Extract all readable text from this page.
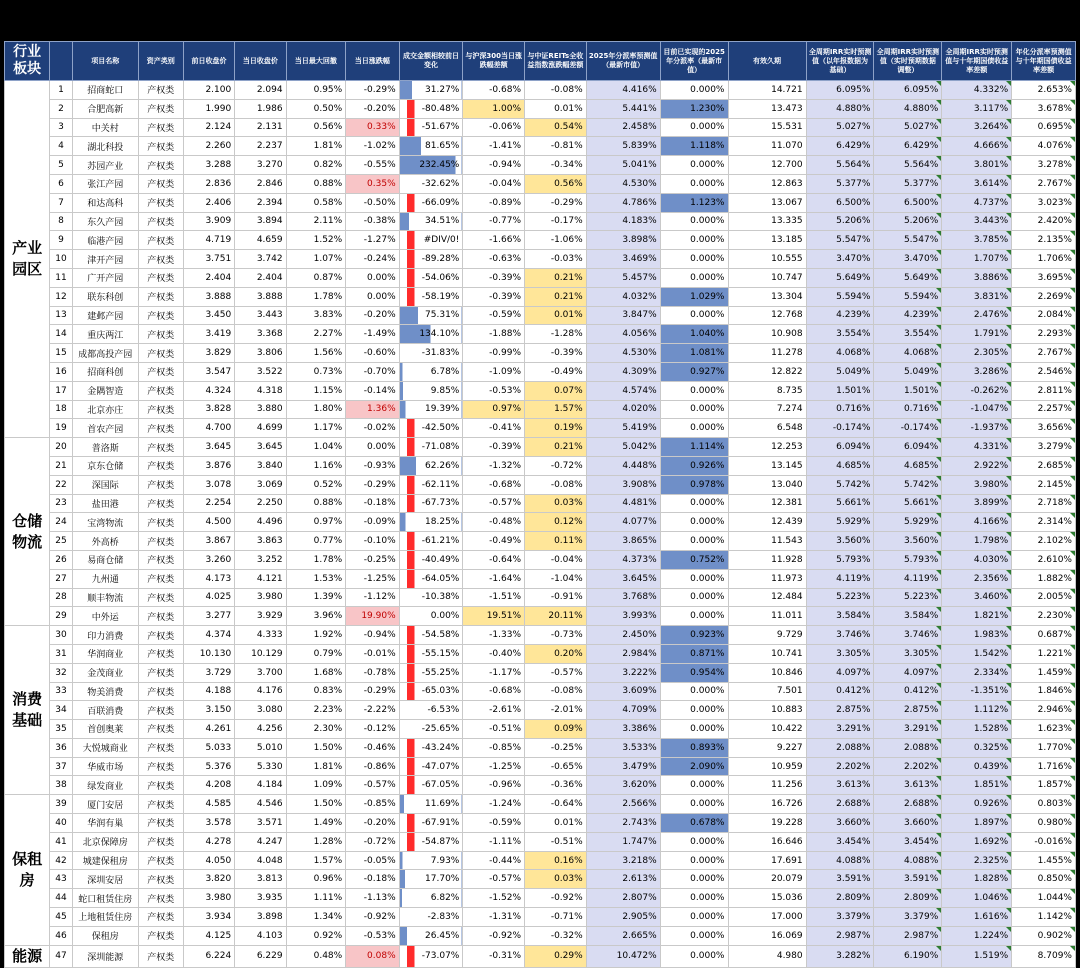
行业板块		项目名称	资产类别	前日收盘价	当日收盘价	当日最大回撤	当日涨跌幅	成交金额相较前日变化	与沪深300当日涨跌幅差额	与中证REITs全收益指数涨跌幅差额	2025年分派率预测值（最新市值）	目前已实现的2025年分派率（最新市值）	有效久期	全周期IRR实时预测值（以年报数据为基础）	全周期IRR实时预测值（实时预期数据调整）	全周期IRR实时预测值与十年期国债收益率差额	年化分派率预测值与十年期国债收益率差额
产业园区	1	招商蛇口	产权类	2.100	2.094	0.95%	-0.29%	31.27%	-0.68%	-0.08%	4.416%	0.000%	14.721	6.095%	6.095%	4.332%	2.653%
	2	合肥高新	产权类	1.990	1.986	0.50%	-0.20%	-80.48%	1.00%	0.01%	5.441%	1.230%	13.473	4.880%	4.880%	3.117%	3.678%
	3	中关村	产权类	2.124	2.131	0.56%	0.33%	-51.67%	-0.06%	0.54%	2.458%	0.000%	15.531	5.027%	5.027%	3.264%	0.695%
	4	湖北科投	产权类	2.260	2.237	1.81%	-1.02%	81.65%	-1.41%	-0.81%	5.839%	1.118%	11.070	6.429%	6.429%	4.666%	4.076%
	5	苏园产业	产权类	3.288	3.270	0.82%	-0.55%	232.45%	-0.94%	-0.34%	5.041%	0.000%	12.700	5.564%	5.564%	3.801%	3.278%
	6	张江产园	产权类	2.836	2.846	0.88%	0.35%	-32.62%	-0.04%	0.56%	4.530%	0.000%	12.863	5.377%	5.377%	3.614%	2.767%
	7	和达高科	产权类	2.406	2.394	0.58%	-0.50%	-66.09%	-0.89%	-0.29%	4.786%	1.123%	13.067	6.500%	6.500%	4.737%	3.023%
	8	东久产园	产权类	3.909	3.894	2.11%	-0.38%	34.51%	-0.77%	-0.17%	4.183%	0.000%	13.335	5.206%	5.206%	3.443%	2.420%
	9	临港产园	产权类	4.719	4.659	1.52%	-1.27%	#DIV/0!	-1.66%	-1.06%	3.898%	0.000%	13.185	5.547%	5.547%	3.785%	2.135%
	10	津开产园	产权类	3.751	3.742	1.07%	-0.24%	-89.28%	-0.63%	-0.03%	3.469%	0.000%	10.555	3.470%	3.470%	1.707%	1.706%
	11	广开产园	产权类	2.404	2.404	0.87%	0.00%	-54.06%	-0.39%	0.21%	5.457%	0.000%	10.747	5.649%	5.649%	3.886%	3.695%
	12	联东科创	产权类	3.888	3.888	1.78%	0.00%	-58.19%	-0.39%	0.21%	4.032%	1.029%	13.304	5.594%	5.594%	3.831%	2.269%
	13	建邺产园	产权类	3.450	3.443	3.83%	-0.20%	75.31%	-0.59%	0.01%	3.847%	0.000%	12.768	4.239%	4.239%	2.476%	2.084%
	14	重庆两江	产权类	3.419	3.368	2.27%	-1.49%	134.10%	-1.88%	-1.28%	4.056%	1.040%	10.908	3.554%	3.554%	1.791%	2.293%
	15	成都高投产园	产权类	3.829	3.806	1.56%	-0.60%	-31.83%	-0.99%	-0.39%	4.530%	1.081%	11.278	4.068%	4.068%	2.305%	2.767%
	16	招商科创	产权类	3.547	3.522	0.73%	-0.70%	6.78%	-1.09%	-0.49%	4.309%	0.927%	12.822	5.049%	5.049%	3.286%	2.546%
	17	金隅智造	产权类	4.324	4.318	1.15%	-0.14%	9.85%	-0.53%	0.07%	4.574%	0.000%	8.735	1.501%	1.501%	-0.262%	2.811%
	18	北京亦庄	产权类	3.828	3.880	1.80%	1.36%	19.39%	0.97%	1.57%	4.020%	0.000%	7.274	0.716%	0.716%	-1.047%	2.257%
	19	首农产园	产权类	4.700	4.699	1.17%	-0.02%	-42.50%	-0.41%	0.19%	5.419%	0.000%	6.548	-0.174%	-0.174%	-1.937%	3.656%
仓储物流	20	普洛斯	产权类	3.645	3.645	1.04%	0.00%	-71.08%	-0.39%	0.21%	5.042%	1.114%	12.253	6.094%	6.094%	4.331%	3.279%
	21	京东仓储	产权类	3.876	3.840	1.16%	-0.93%	62.26%	-1.32%	-0.72%	4.448%	0.926%	13.145	4.685%	4.685%	2.922%	2.685%
	22	深国际	产权类	3.078	3.069	0.52%	-0.29%	-62.11%	-0.68%	-0.08%	3.908%	0.978%	13.040	5.742%	5.742%	3.980%	2.145%
	23	盐田港	产权类	2.254	2.250	0.88%	-0.18%	-67.73%	-0.57%	0.03%	4.481%	0.000%	12.381	5.661%	5.661%	3.899%	2.718%
	24	宝湾物流	产权类	4.500	4.496	0.97%	-0.09%	18.25%	-0.48%	0.12%	4.077%	0.000%	12.439	5.929%	5.929%	4.166%	2.314%
	25	外高桥	产权类	3.867	3.863	0.77%	-0.10%	-61.21%	-0.49%	0.11%	3.865%	0.000%	11.543	3.560%	3.560%	1.798%	2.102%
	26	易商仓储	产权类	3.260	3.252	1.78%	-0.25%	-40.49%	-0.64%	-0.04%	4.373%	0.752%	11.928	5.793%	5.793%	4.030%	2.610%
	27	九州通	产权类	4.173	4.121	1.53%	-1.25%	-64.05%	-1.64%	-1.04%	3.645%	0.000%	11.973	4.119%	4.119%	2.356%	1.882%
	28	顺丰物流	产权类	4.025	3.980	1.39%	-1.12%	-10.38%	-1.51%	-0.91%	3.768%	0.000%	12.484	5.223%	5.223%	3.460%	2.005%
	29	中外运	产权类	3.277	3.929	3.96%	19.90%	0.00%	19.51%	20.11%	3.993%	0.000%	11.011	3.584%	3.584%	1.821%	2.230%
消费基础	30	印力消费	产权类	4.374	4.333	1.92%	-0.94%	-54.58%	-1.33%	-0.73%	2.450%	0.923%	9.729	3.746%	3.746%	1.983%	0.687%
	31	华润商业	产权类	10.130	10.129	0.79%	-0.01%	-55.15%	-0.40%	0.20%	2.984%	0.871%	10.741	3.305%	3.305%	1.542%	1.221%
	32	金茂商业	产权类	3.729	3.700	1.68%	-0.78%	-55.25%	-1.17%	-0.57%	3.222%	0.954%	10.846	4.097%	4.097%	2.334%	1.459%
	33	物美消费	产权类	4.188	4.176	0.83%	-0.29%	-65.03%	-0.68%	-0.08%	3.609%	0.000%	7.501	0.412%	0.412%	-1.351%	1.846%
	34	百联消费	产权类	3.150	3.080	2.23%	-2.22%	-6.53%	-2.61%	-2.01%	4.709%	0.000%	10.883	2.875%	2.875%	1.112%	2.946%
	35	首创奥莱	产权类	4.261	4.256	2.30%	-0.12%	-25.65%	-0.51%	0.09%	3.386%	0.000%	10.422	3.291%	3.291%	1.528%	1.623%
	36	大悦城商业	产权类	5.033	5.010	1.50%	-0.46%	-43.24%	-0.85%	-0.25%	3.533%	0.893%	9.227	2.088%	2.088%	0.325%	1.770%
	37	华威市场	产权类	5.376	5.330	1.81%	-0.86%	-47.07%	-1.25%	-0.65%	3.479%	2.090%	10.959	2.202%	2.202%	0.439%	1.716%
	38	绿发商业	产权类	4.208	4.184	1.09%	-0.57%	-67.05%	-0.96%	-0.36%	3.620%	0.000%	11.256	3.613%	3.613%	1.851%	1.857%
保租房	39	厦门安居	产权类	4.585	4.546	1.50%	-0.85%	11.69%	-1.24%	-0.64%	2.566%	0.000%	16.726	2.688%	2.688%	0.926%	0.803%
	40	华润有巢	产权类	3.578	3.571	1.49%	-0.20%	-67.91%	-0.59%	0.01%	2.743%	0.678%	19.228	3.660%	3.660%	1.897%	0.980%
	41	北京保障房	产权类	4.278	4.247	1.28%	-0.72%	-54.87%	-1.11%	-0.51%	1.747%	0.000%	16.646	3.454%	3.454%	1.692%	-0.016%
	42	城建保租房	产权类	4.050	4.048	1.57%	-0.05%	7.93%	-0.44%	0.16%	3.218%	0.000%	17.691	4.088%	4.088%	2.325%	1.455%
	43	深圳安居	产权类	3.820	3.813	0.96%	-0.18%	17.70%	-0.57%	0.03%	2.613%	0.000%	20.079	3.591%	3.591%	1.828%	0.850%
	44	蛇口租赁住房	产权类	3.980	3.935	1.11%	-1.13%	6.82%	-1.52%	-0.92%	2.807%	0.000%	15.036	2.809%	2.809%	1.046%	1.044%
	45	上地租赁住房	产权类	3.934	3.898	1.34%	-0.92%	-2.83%	-1.31%	-0.71%	2.905%	0.000%	17.000	3.379%	3.379%	1.616%	1.142%
	46	保租房	产权类	4.125	4.103	0.92%	-0.53%	26.45%	-0.92%	-0.32%	2.665%	0.000%	16.069	2.987%	2.987%	1.224%	0.902%
能源	47	深圳能源	产权类	6.224	6.229	0.48%	0.08%	-73.07%	-0.31%	0.29%	10.472%	0.000%	4.980	3.282%	6.190%	1.519%	8.709%
